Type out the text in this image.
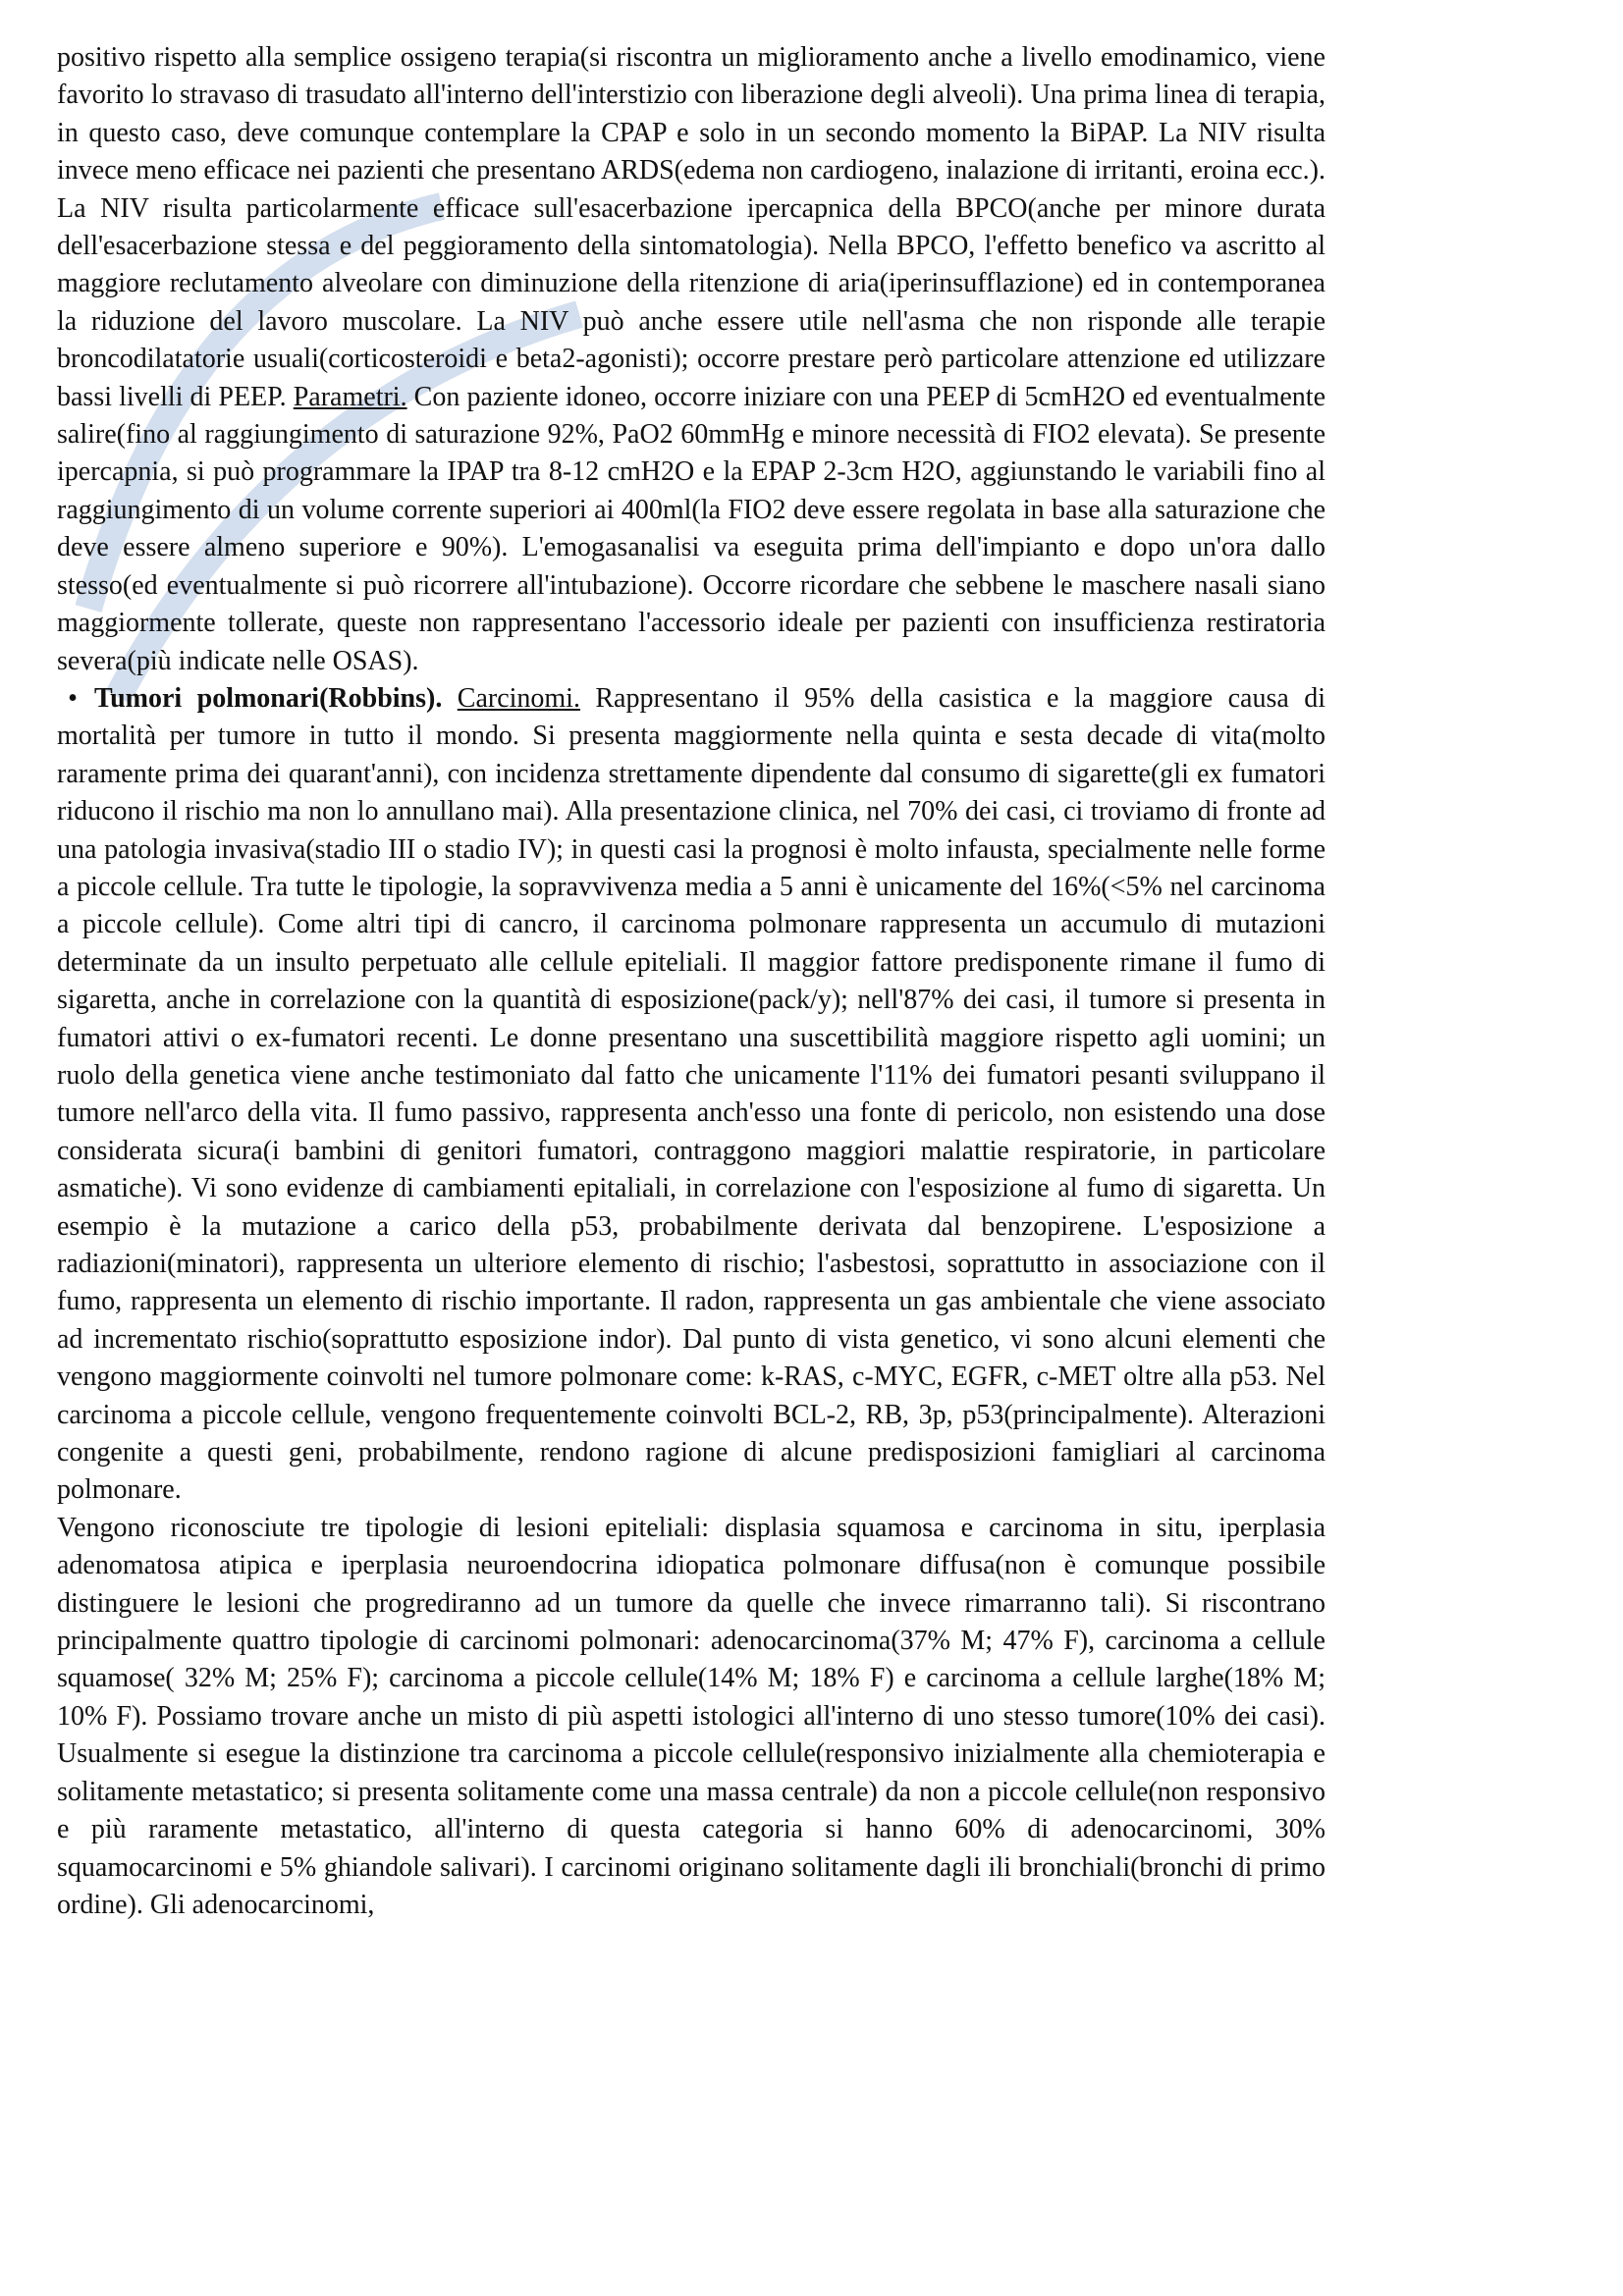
positivo rispetto alla semplice ossigeno terapia(si riscontra un miglioramento anche a livello emodinamico, viene favorito lo stravaso di trasudato all'interno dell'interstizio con liberazione degli alveoli). Una prima linea di terapia, in questo caso, deve comunque contemplare la CPAP e solo in un secondo momento la BiPAP. La NIV risulta invece meno efficace nei pazienti che presentano ARDS(edema non cardiogeno, inalazione di irritanti, eroina ecc.). La NIV risulta particolarmente efficace sull'esacerbazione ipercapnica della BPCO(anche per minore durata dell'esacerbazione stessa e del peggioramento della sintomatologia). Nella BPCO, l'effetto benefico va ascritto al maggiore reclutamento alveolare con diminuzione della ritenzione di aria(iperinsufflazione) ed in contemporanea la riduzione del lavoro muscolare. La NIV può anche essere utile nell'asma che non risponde alle terapie broncodilatatorie usuali(corticosteroidi e beta2-agonisti); occorre prestare però particolare attenzione ed utilizzare bassi livelli di PEEP. Parametri. Con paziente idoneo, occorre iniziare con una PEEP di 5cmH2O ed eventualmente salire(fino al raggiungimento di saturazione 92%, PaO2 60mmHg e minore necessità di FIO2 elevata). Se presente ipercapnia, si può programmare la IPAP tra 8-12 cmH2O e la EPAP 2-3cm H2O, aggiunstando le variabili fino al raggiungimento di un volume corrente superiori ai 400ml(la FIO2 deve essere regolata in base alla saturazione che deve essere almeno superiore e 90%). L'emogasanalisi va eseguita prima dell'impianto e dopo un'ora dallo stesso(ed eventualmente si può ricorrere all'intubazione). Occorre ricordare che sebbene le maschere nasali siano maggiormente tollerate, queste non rappresentano l'accessorio ideale per pazienti con insufficienza restiratoria severa(più indicate nelle OSAS).

• Tumori polmonari(Robbins). Carcinomi. Rappresentano il 95% della casistica e la maggiore causa di mortalità per tumore in tutto il mondo. Si presenta maggiormente nella quinta e sesta decade di vita(molto raramente prima dei quarant'anni), con incidenza strettamente dipendente dal consumo di sigarette(gli ex fumatori riducono il rischio ma non lo annullano mai). Alla presentazione clinica, nel 70% dei casi, ci troviamo di fronte ad una patologia invasiva(stadio III o stadio IV); in questi casi la prognosi è molto infausta, specialmente nelle forme a piccole cellule. Tra tutte le tipologie, la sopravvivenza media a 5 anni è unicamente del 16%(<5% nel carcinoma a piccole cellule). Come altri tipi di cancro, il carcinoma polmonare rappresenta un accumulo di mutazioni determinate da un insulto perpetuato alle cellule epiteliali. Il maggior fattore predisponente rimane il fumo di sigaretta, anche in correlazione con la quantità di esposizione(pack/y); nell'87% dei casi, il tumore si presenta in fumatori attivi o ex-fumatori recenti. Le donne presentano una suscettibilità maggiore rispetto agli uomini; un ruolo della genetica viene anche testimoniato dal fatto che unicamente l'11% dei fumatori pesanti sviluppano il tumore nell'arco della vita. Il fumo passivo, rappresenta anch'esso una fonte di pericolo, non esistendo una dose considerata sicura(i bambini di genitori fumatori, contraggono maggiori malattie respiratorie, in particolare asmatiche). Vi sono evidenze di cambiamenti epitaliali, in correlazione con l'esposizione al fumo di sigaretta. Un esempio è la mutazione a carico della p53, probabilmente derivata dal benzopirene. L'esposizione a radiazioni(minatori), rappresenta un ulteriore elemento di rischio; l'asbestosi, soprattutto in associazione con il fumo, rappresenta un elemento di rischio importante. Il radon, rappresenta un gas ambientale che viene associato ad incrementato rischio(soprattutto esposizione indor). Dal punto di vista genetico, vi sono alcuni elementi che vengono maggiormente coinvolti nel tumore polmonare come: k-RAS, c-MYC, EGFR, c-MET oltre alla p53. Nel carcinoma a piccole cellule, vengono frequentemente coinvolti BCL-2, RB, 3p, p53(principalmente). Alterazioni congenite a questi geni, probabilmente, rendono ragione di alcune predisposizioni famigliari al carcinoma polmonare.

Vengono riconosciute tre tipologie di lesioni epiteliali: displasia squamosa e carcinoma in situ, iperplasia adenomatosa atipica e iperplasia neuroendocrina idiopatica polmonare diffusa(non è comunque possibile distinguere le lesioni che progrediranno ad un tumore da quelle che invece rimarranno tali). Si riscontrano principalmente quattro tipologie di carcinomi polmonari: adenocarcinoma(37% M; 47% F), carcinoma a cellule squamose( 32% M; 25% F); carcinoma a piccole cellule(14% M; 18% F) e carcinoma a cellule larghe(18% M; 10% F). Possiamo trovare anche un misto di più aspetti istologici all'interno di uno stesso tumore(10% dei casi). Usualmente si esegue la distinzione tra carcinoma a piccole cellule(responsivo inizialmente alla chemioterapia e solitamente metastatico; si presenta solitamente come una massa centrale) da non a piccole cellule(non responsivo e più raramente metastatico, all'interno di questa categoria si hanno 60% di adenocarcinomi, 30% squamocarcinomi e 5% ghiandole salivari). I carcinomi originano solitamente dagli ili bronchiali(bronchi di primo ordine). Gli adenocarcinomi,
